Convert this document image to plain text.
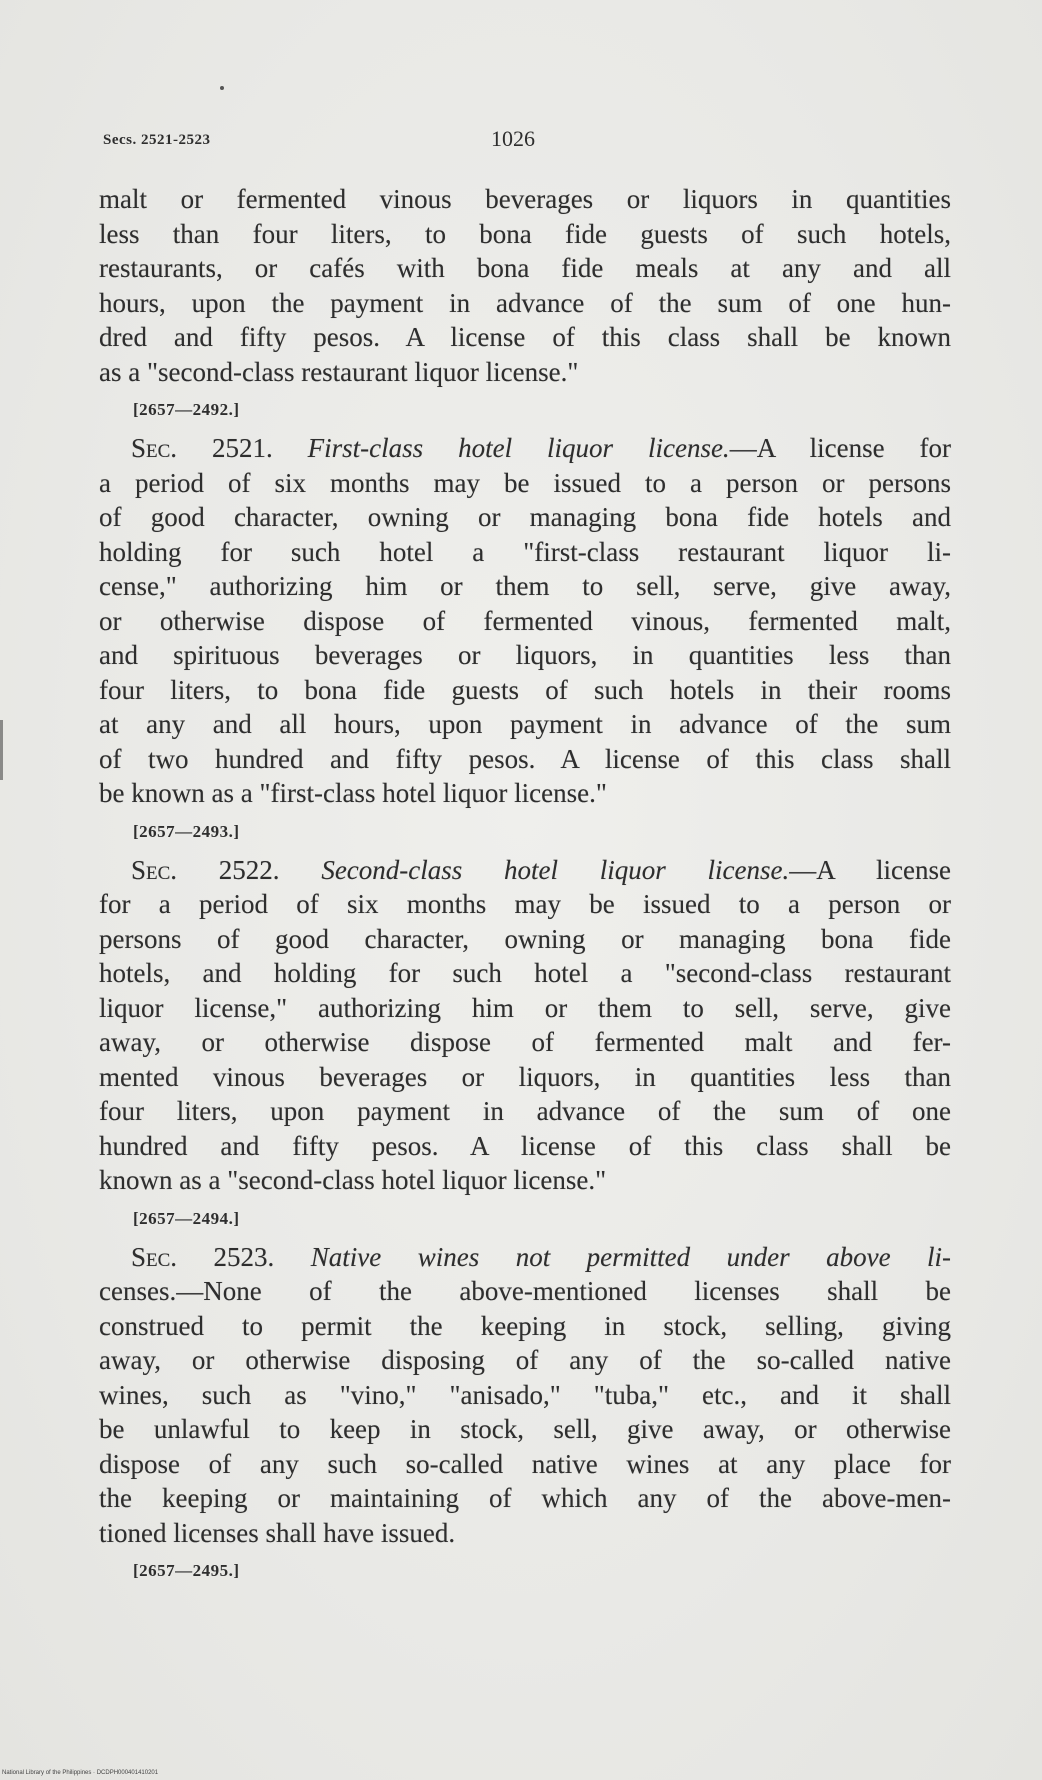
Secs. 2521-2523	1026

malt or fermented vinous beverages or liquors in quantities
less than four liters, to bona fide guests of such hotels,
restaurants, or cafés with bona fide meals at any and all
hours, upon the payment in advance of the sum of one hun-
dred and fifty pesos. A license of this class shall be known
as a "second-class restaurant liquor license."

[2657—2492.]

Sec. 2521. First-class hotel liquor license.—A license for
a period of six months may be issued to a person or persons
of good character, owning or managing bona fide hotels and
holding for such hotel a "first-class restaurant liquor li-
cense," authorizing him or them to sell, serve, give away,
or otherwise dispose of fermented vinous, fermented malt,
and spirituous beverages or liquors, in quantities less than
four liters, to bona fide guests of such hotels in their rooms
at any and all hours, upon payment in advance of the sum
of two hundred and fifty pesos. A license of this class shall
be known as a "first-class hotel liquor license."

[2657—2493.]

Sec. 2522. Second-class hotel liquor license.—A license
for a period of six months may be issued to a person or
persons of good character, owning or managing bona fide
hotels, and holding for such hotel a "second-class restaurant
liquor license," authorizing him or them to sell, serve, give
away, or otherwise dispose of fermented malt and fer-
mented vinous beverages or liquors, in quantities less than
four liters, upon payment in advance of the sum of one
hundred and fifty pesos. A license of this class shall be
known as a "second-class hotel liquor license."

[2657—2494.]

Sec. 2523. Native wines not permitted under above li-
censes.—None of the above-mentioned licenses shall be
construed to permit the keeping in stock, selling, giving
away, or otherwise disposing of any of the so-called native
wines, such as "vino," "anisado," "tuba," etc., and it shall
be unlawful to keep in stock, sell, give away, or otherwise
dispose of any such so-called native wines at any place for
the keeping or maintaining of which any of the above-men-
tioned licenses shall have issued.

[2657—2495.]
National Library of the Philippines · DCDPH000401410201
